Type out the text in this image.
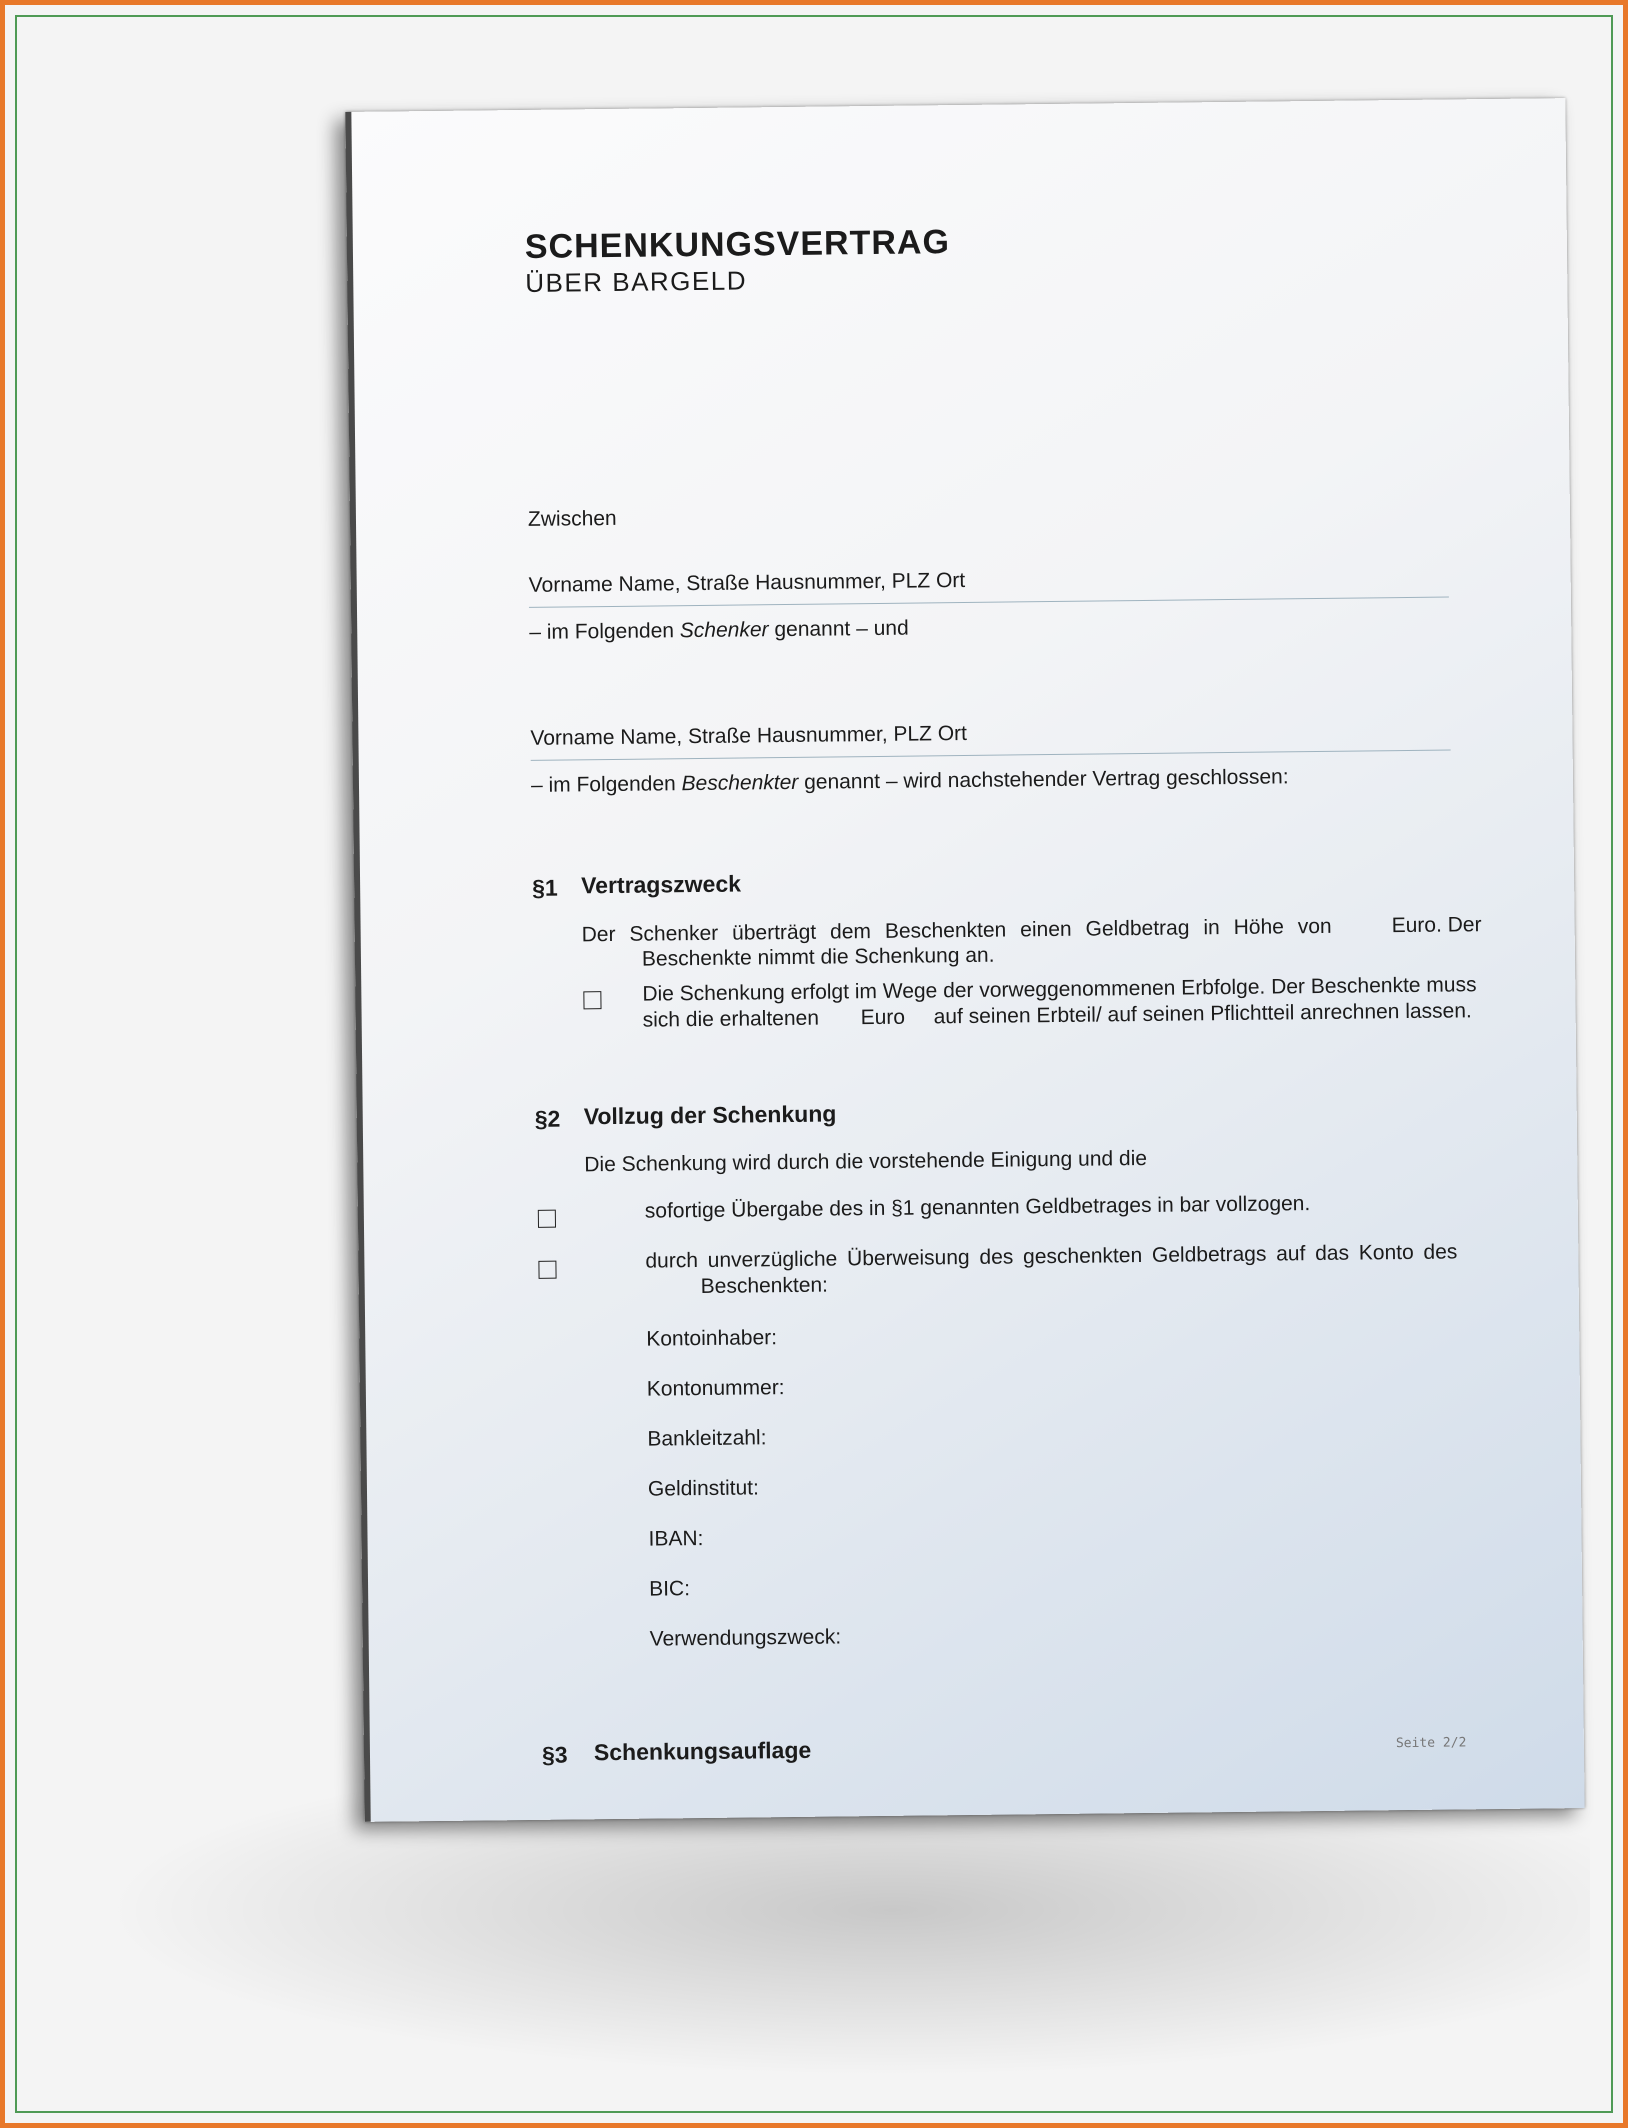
SCHENKUNGSVERTRAG
ÜBER BARGELD
Zwischen
Vorname Name, Straße Hausnummer, PLZ Ort
– im Folgenden Schenker genannt – und
Vorname Name, Straße Hausnummer, PLZ Ort
– im Folgenden Beschenkter genannt – wird nachstehender Vertrag geschlossen:
§1 Vertragszweck
Der Schenker überträgt dem Beschenkten einen Geldbetrag in Höhe von	Euro. Der
Beschenkte nimmt die Schenkung an.
Die Schenkung erfolgt im Wege der vorweggenommenen Erbfolge. Der Beschenkte muss
sich die erhaltenen Euro auf seinen Erbteil/ auf seinen Pflichtteil anrechnen lassen.
§2 Vollzug der Schenkung
Die Schenkung wird durch die vorstehende Einigung und die
sofortige Übergabe des in §1 genannten Geldbetrages in bar vollzogen.
durch unverzügliche Überweisung des geschenkten Geldbetrags auf das Konto des
Beschenkten:
Kontoinhaber:
Kontonummer:
Bankleitzahl:
Geldinstitut:
IBAN:
BIC:
Verwendungszweck:
§3 Schenkungsauflage	Seite 2/2
